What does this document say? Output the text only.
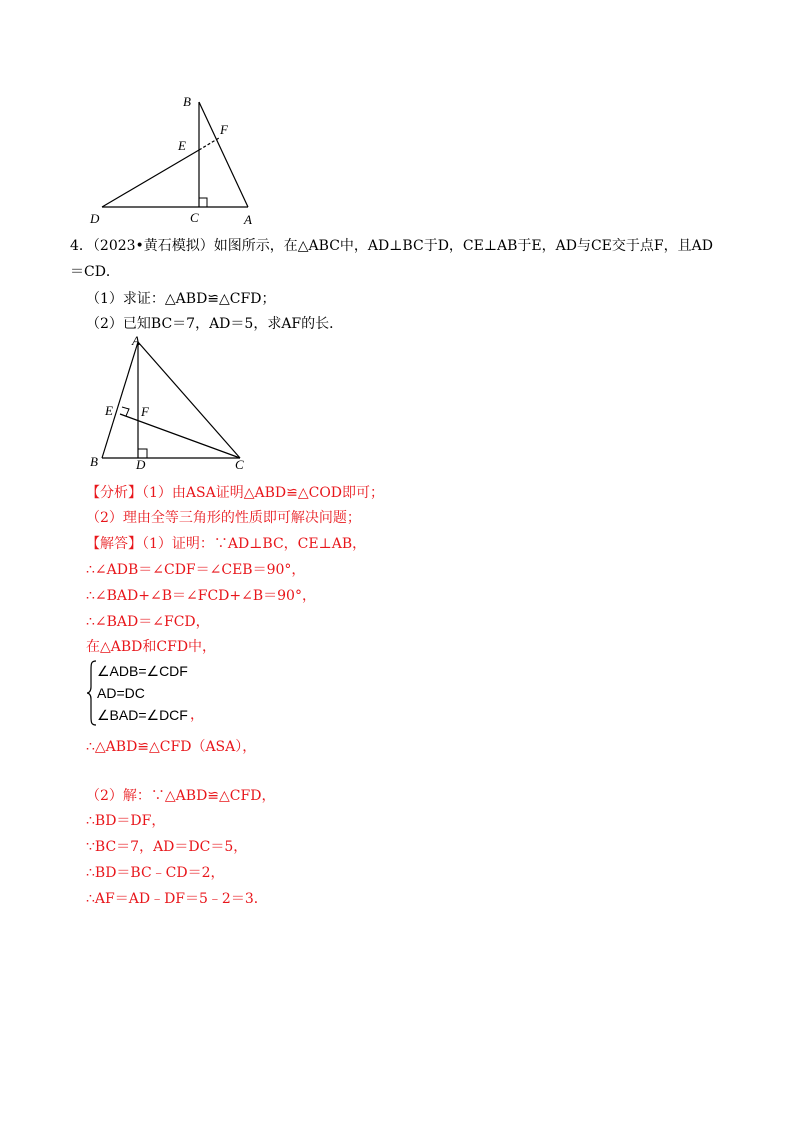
B
E
F
D	C	A
4．（2023•黄石模拟）如图所示，在△ABC中，AD⊥BC于D，CE⊥AB于E，AD与CE交于点F，且AD
＝CD．
（1）求证：△ABD≌△CFD；
（2）已知BC＝7，AD＝5，求AF的长．
A
E F
B	D	C
【分析】（1）由ASA证明△ABD≌△COD即可；
（2）理由全等三角形的性质即可解决问题；
【解答】（1）证明：∵AD⊥BC，CE⊥AB，
∴∠ADB＝∠CDF＝∠CEB＝90°，
∴∠BAD+∠B＝∠FCD+∠B＝90°，
∴∠BAD＝∠FCD，
在△ABD和CFD中，
∠ADB=∠CDF
AD=DC
∠BAD=∠DCF ，
∴△ABD≌△CFD（ASA），
（2）解：∵△ABD≌△CFD，
∴BD＝DF，
∵BC＝7，AD＝DC＝5，
∴BD＝BC﹣CD＝2，
∴AF＝AD﹣DF＝5﹣2＝3．
